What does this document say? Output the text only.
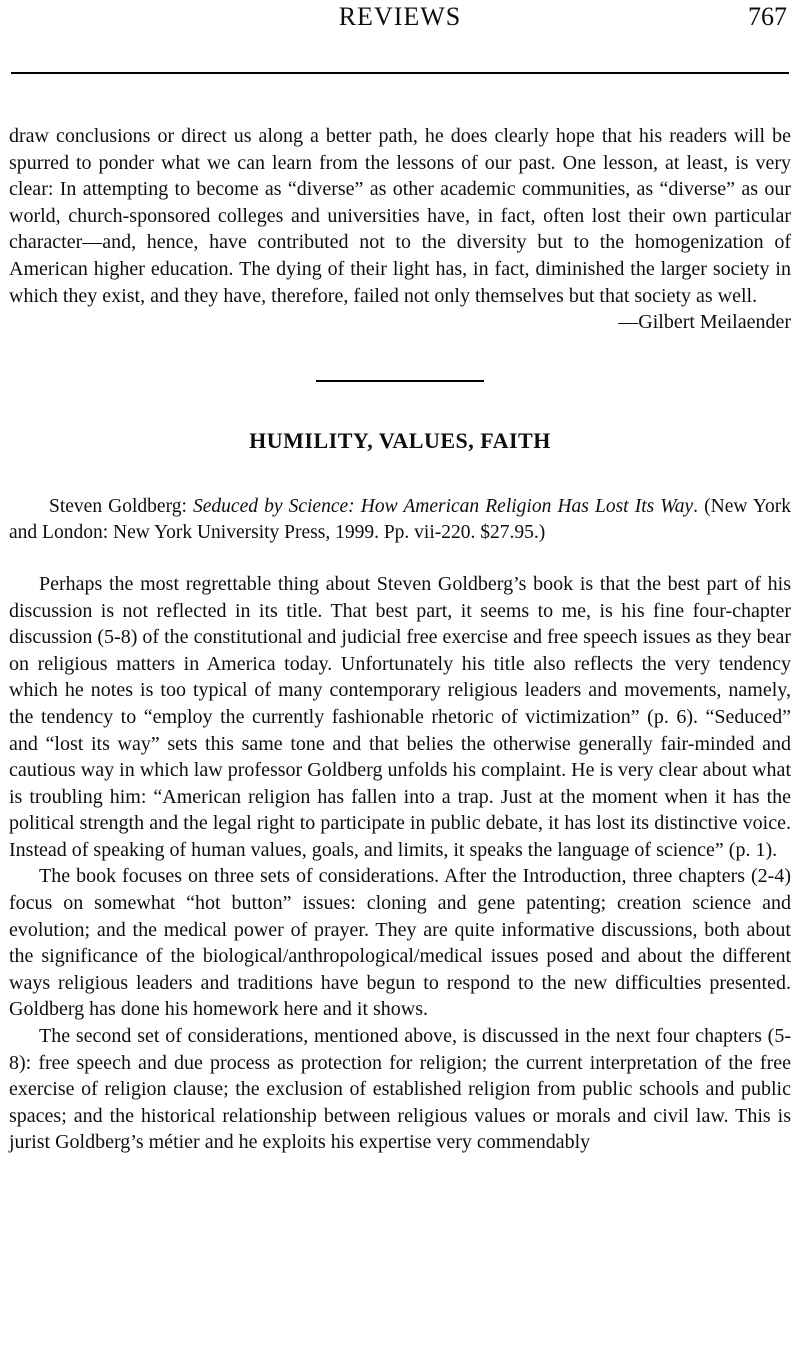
REVIEWS	767

draw conclusions or direct us along a better path, he does clearly hope that his readers will be spurred to ponder what we can learn from the lessons of our past. One lesson, at least, is very clear: In attempting to become as “diverse” as other academic communities, as “diverse” as our world, church-sponsored colleges and universities have, in fact, often lost their own particular character—and, hence, have contributed not to the diversity but to the homogenization of American higher education. The dying of their light has, in fact, diminished the larger society in which they exist, and they have, therefore, failed not only themselves but that society as well.

—Gilbert Meilaender

HUMILITY, VALUES, FAITH

Steven Goldberg: Seduced by Science: How American Religion Has Lost Its Way. (New York and London: New York University Press, 1999. Pp. vii-220. $27.95.)

Perhaps the most regrettable thing about Steven Goldberg’s book is that the best part of his discussion is not reflected in its title. That best part, it seems to me, is his fine four-chapter discussion (5-8) of the constitutional and judicial free exercise and free speech issues as they bear on religious matters in America today. Unfortunately his title also reflects the very tendency which he notes is too typical of many contemporary religious leaders and movements, namely, the tendency to “employ the currently fashionable rhetoric of victimization” (p. 6). “Seduced” and “lost its way” sets this same tone and that belies the otherwise generally fair-minded and cautious way in which law professor Goldberg unfolds his complaint. He is very clear about what is troubling him: “American religion has fallen into a trap. Just at the moment when it has the political strength and the legal right to participate in public debate, it has lost its distinctive voice. Instead of speaking of human values, goals, and limits, it speaks the language of science” (p. 1).

The book focuses on three sets of considerations. After the Introduction, three chapters (2-4) focus on somewhat “hot button” issues: cloning and gene patenting; creation science and evolution; and the medical power of prayer. They are quite informative discussions, both about the significance of the biological/anthropological/medical issues posed and about the different ways religious leaders and traditions have begun to respond to the new difficulties presented. Goldberg has done his homework here and it shows.

The second set of considerations, mentioned above, is discussed in the next four chapters (5-8): free speech and due process as protection for religion; the current interpretation of the free exercise of religion clause; the exclusion of established religion from public schools and public spaces; and the historical relationship between religious values or morals and civil law. This is jurist Goldberg’s métier and he exploits his expertise very commendably
